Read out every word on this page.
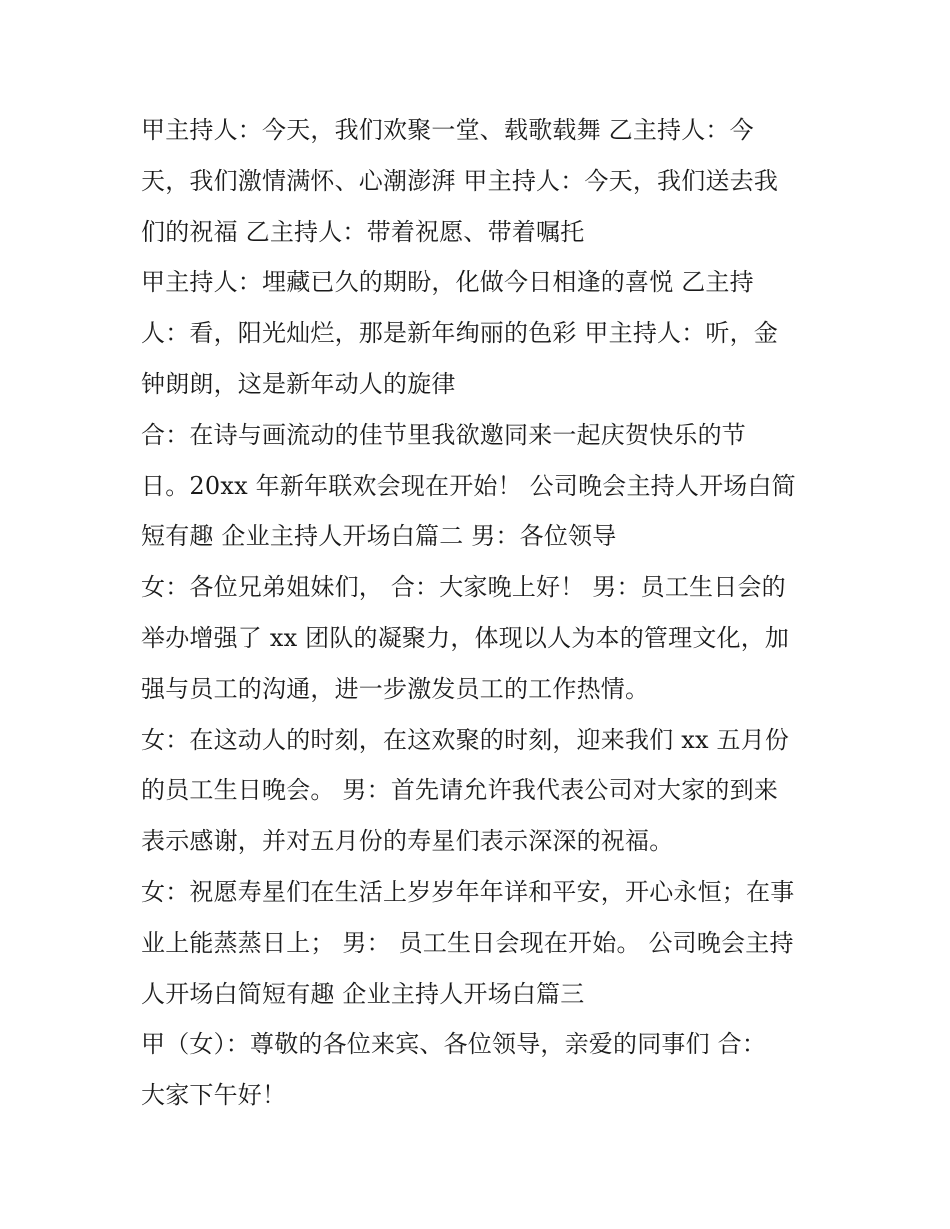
甲主持人：今天，我们欢聚一堂、载歌载舞 乙主持人：今

天，我们激情满怀、心潮澎湃 甲主持人：今天，我们送去我

们的祝福 乙主持人：带着祝愿、带着嘱托

甲主持人：埋藏已久的期盼，化做今日相逢的喜悦 乙主持

人：看，阳光灿烂，那是新年绚丽的色彩 甲主持人：听，金

钟朗朗，这是新年动人的旋律

合：在诗与画流动的佳节里我欲邀同来一起庆贺快乐的节

日。20xx 年新年联欢会现在开始！ 公司晚会主持人开场白简

短有趣 企业主持人开场白篇二 男：各位领导

女：各位兄弟姐妹们， 合：大家晚上好！ 男：员工生日会的

举办增强了 xx 团队的凝聚力，体现以人为本的管理文化，加

强与员工的沟通，进一步激发员工的工作热情。

女：在这动人的时刻，在这欢聚的时刻，迎来我们 xx 五月份

的员工生日晚会。 男：首先请允许我代表公司对大家的到来

表示感谢，并对五月份的寿星们表示深深的祝福。

女：祝愿寿星们在生活上岁岁年年详和平安，开心永恒；在事

业上能蒸蒸日上； 男： 员工生日会现在开始。 公司晚会主持

人开场白简短有趣 企业主持人开场白篇三

甲（女）：尊敬的各位来宾、各位领导，亲爱的同事们 合：

大家下午好！
